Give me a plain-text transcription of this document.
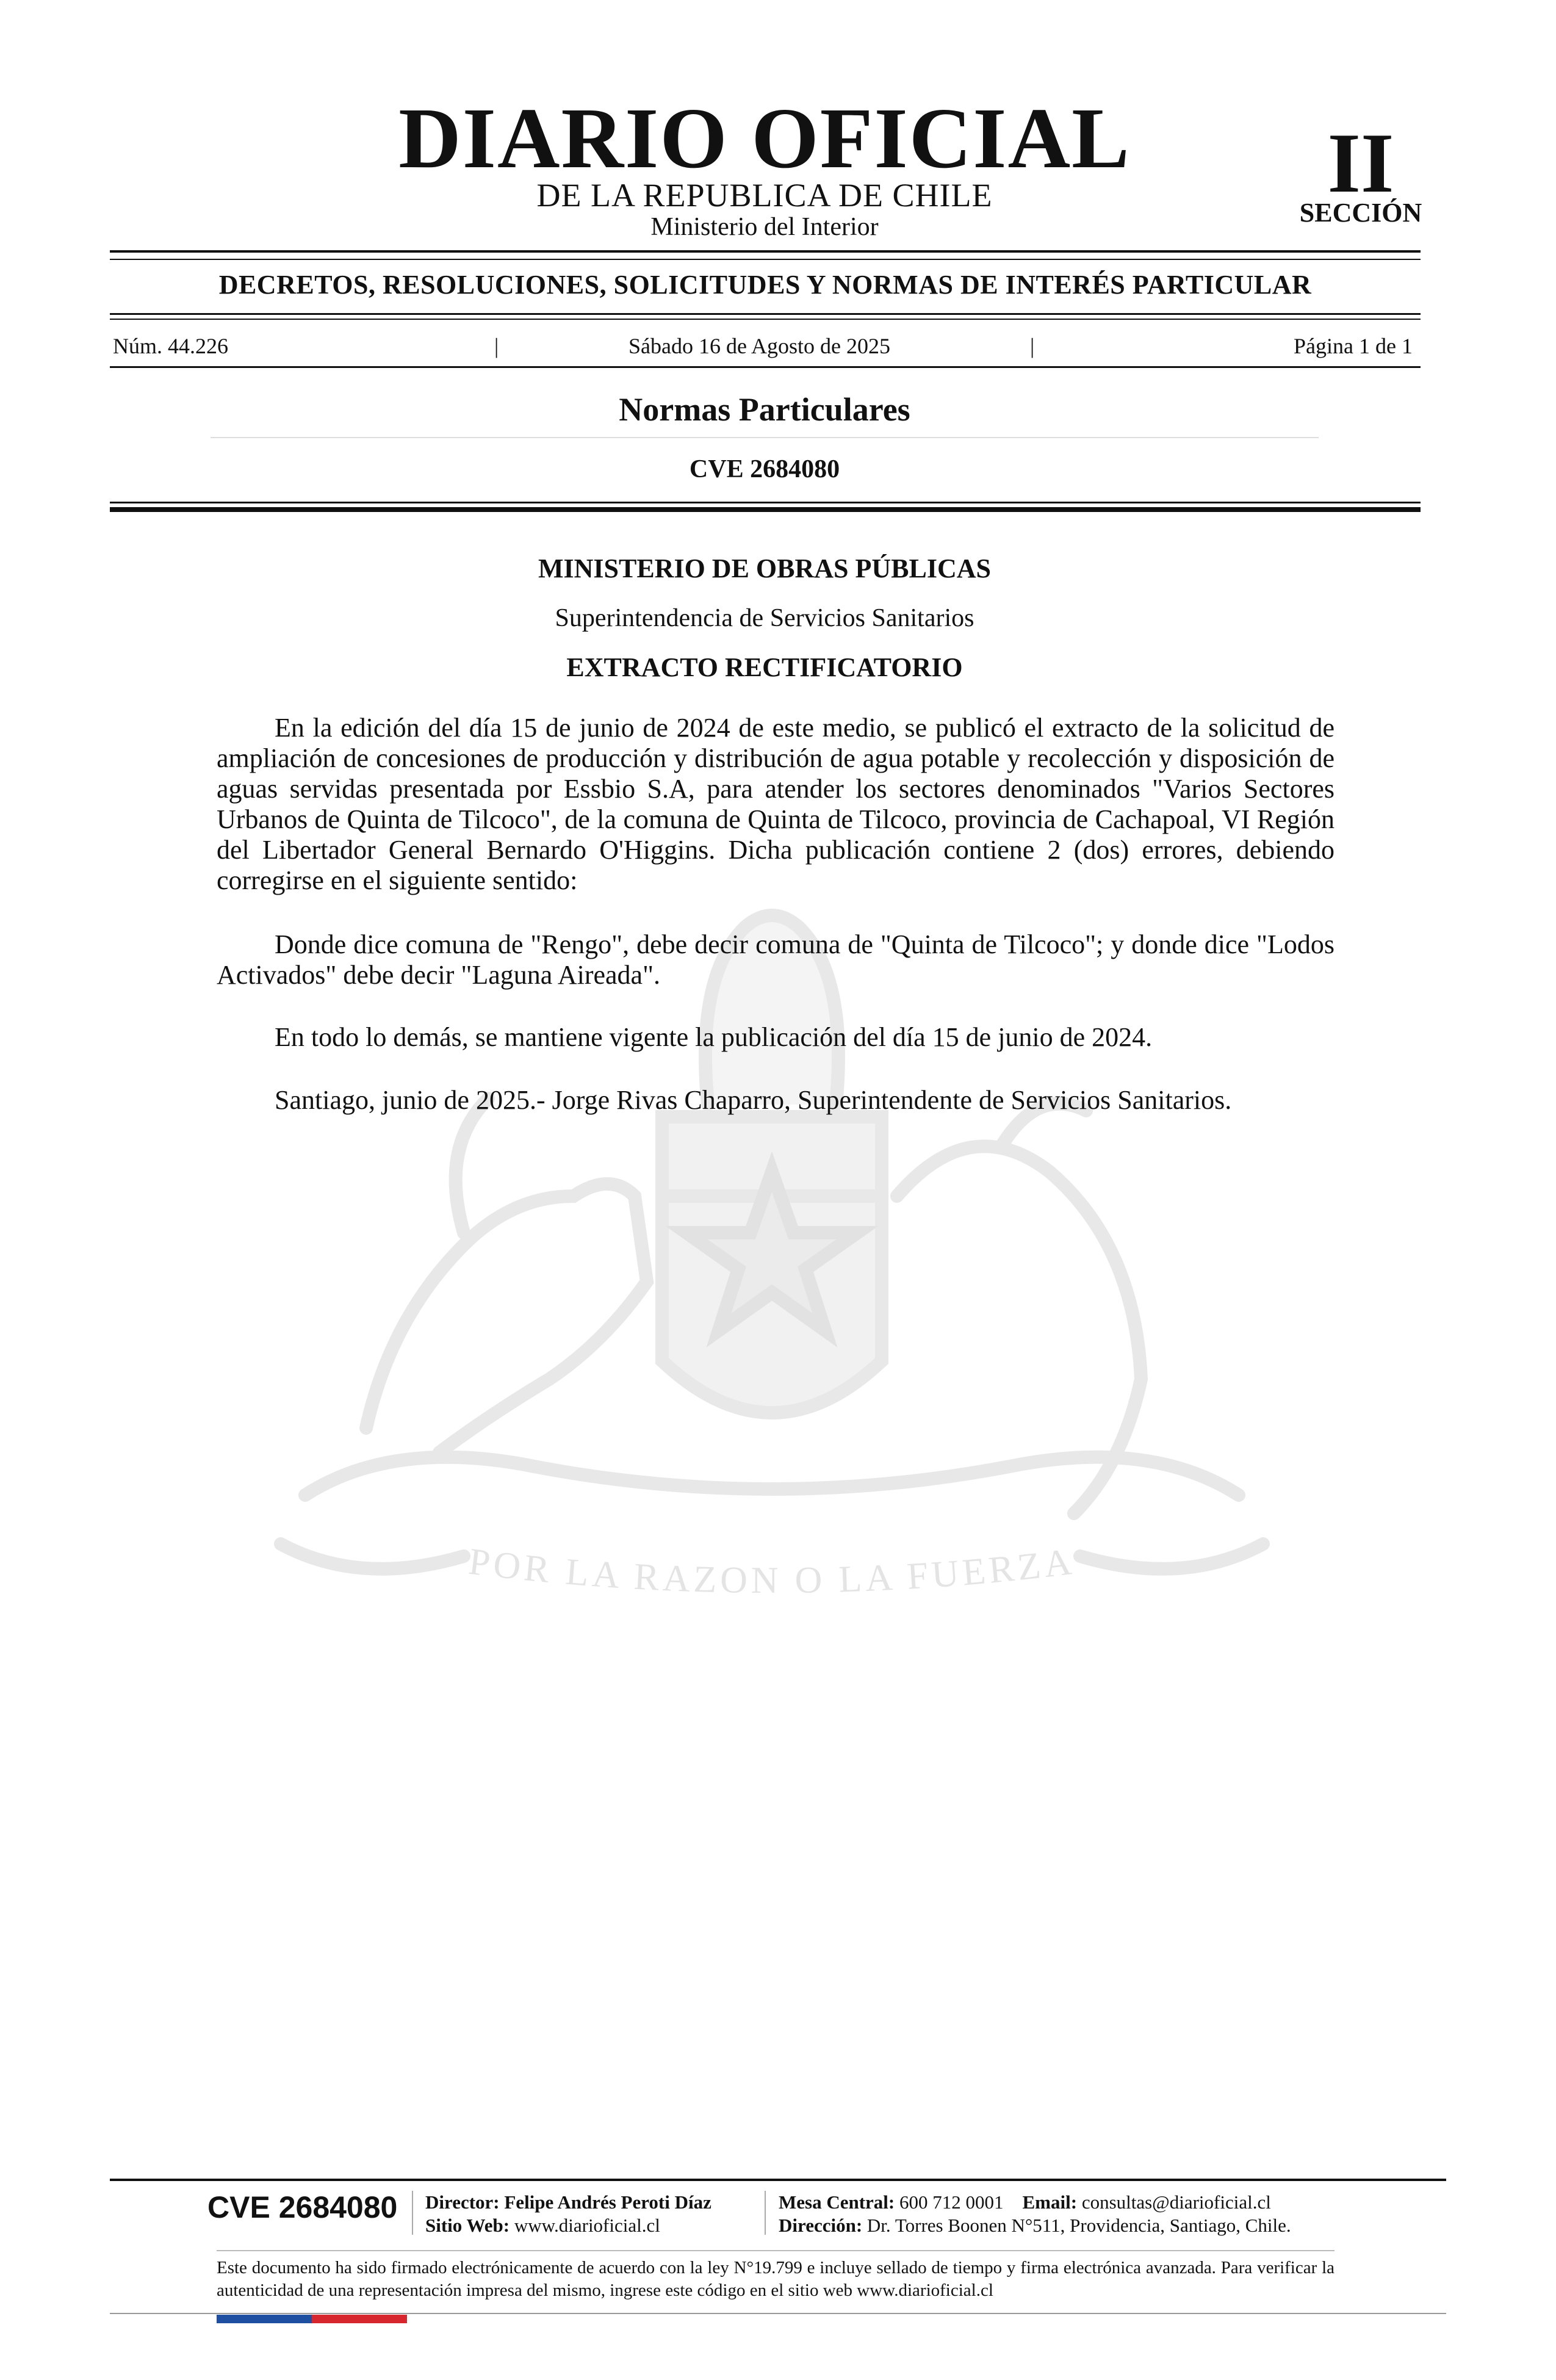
POR LA RAZON O LA FUERZA
DIARIO OFICIAL
DE LA REPUBLICA DE CHILE
Ministerio del Interior
II
SECCIÓN
DECRETOS, RESOLUCIONES, SOLICITUDES Y NORMAS DE INTERÉS PARTICULAR
Núm. 44.226	|	Sábado 16 de Agosto de 2025	|	Página 1 de 1
Normas Particulares
CVE 2684080
MINISTERIO DE OBRAS PÚBLICAS
Superintendencia de Servicios Sanitarios
EXTRACTO RECTIFICATORIO

En la edición del día 15 de junio de 2024 de este medio, se publicó el extracto de la solicitud de ampliación de concesiones de producción y distribución de agua potable y recolección y disposición de aguas servidas presentada por Essbio S.A, para atender los sectores denominados "Varios Sectores Urbanos de Quinta de Tilcoco", de la comuna de Quinta de Tilcoco, provincia de Cachapoal, VI Región del Libertador General Bernardo O'Higgins. Dicha publicación contiene 2 (dos) errores, debiendo corregirse en el siguiente sentido:

Donde dice comuna de "Rengo", debe decir comuna de "Quinta de Tilcoco"; y donde dice "Lodos Activados" debe decir "Laguna Aireada".

En todo lo demás, se mantiene vigente la publicación del día 15 de junio de 2024.

Santiago, junio de 2025.- Jorge Rivas Chaparro, Superintendente de Servicios Sanitarios.

CVE 2684080 Director: Felipe Andrés Peroti Díaz
Sitio Web: www.diarioficial.cl
Mesa Central: 600 712 0001 Email: consultas@diarioficial.cl
Dirección: Dr. Torres Boonen N°511, Providencia, Santiago, Chile.

Este documento ha sido firmado electrónicamente de acuerdo con la ley N°19.799 e incluye sellado de tiempo y firma electrónica avanzada. Para verificar la autenticidad de una representación impresa del mismo, ingrese este código en el sitio web www.diarioficial.cl
